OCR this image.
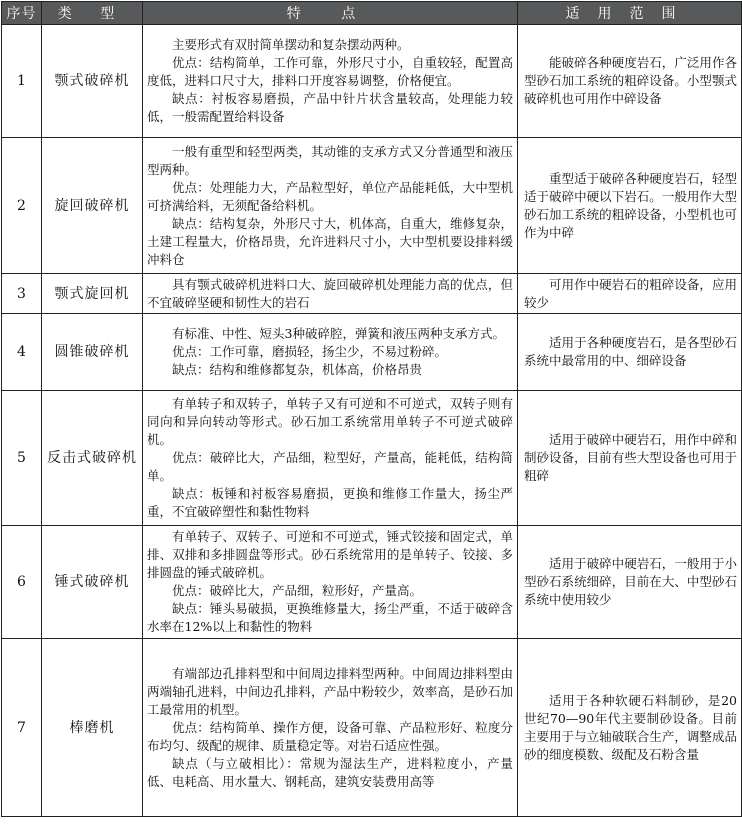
序号	类 型	特 点	适用范围
1	颚式破碎机	主要形式有双肘简单摆动和复杂摆动两种。

优点：结构简单，工作可靠，外形尺寸小，自重较轻，配置高度低，进料口尺寸大，排料口开度容易调整，价格便宜。

缺点：衬板容易磨损，产品中针片状含量较高，处理能力较低，一般需配置给料设备	能破碎各种硬度岩石，广泛用作各型砂石加工系统的粗碎设备。小型颚式破碎机也可用作中碎设备

2	旋回破碎机	一般有重型和轻型两类，其动锥的支承方式又分普通型和液压型两种。

优点：处理能力大，产品粒型好，单位产品能耗低，大中型机可挤满给料，无须配备给料机。

缺点：结构复杂，外形尺寸大，机体高，自重大，维修复杂，土建工程量大，价格昂贵，允许进料尺寸小，大中型机要设排料缓冲料仓	重型适于破碎各种硬度岩石，轻型适于破碎中硬以下岩石。一般用作大型砂石加工系统的粗碎设备，小型机也可作为中碎

3	颚式旋回机	具有颚式破碎机进料口大、旋回破碎机处理能力高的优点，但不宜破碎坚硬和韧性大的岩石	可用作中硬岩石的粗碎设备，应用较少

4	圆锥破碎机	有标准、中性、短头3种破碎腔，弹簧和液压两种支承方式。

优点：工作可靠，磨损轻，扬尘少，不易过粉碎。

缺点：结构和维修都复杂，机体高，价格昂贵	适用于各种硬度岩石，是各型砂石系统中最常用的中、细碎设备

5	反击式破碎机	有单转子和双转子，单转子又有可逆和不可逆式，双转子则有同向和异向转动等形式。砂石加工系统常用单转子不可逆式破碎机。

优点：破碎比大，产品细，粒型好，产量高，能耗低，结构简单。

缺点：板锤和衬板容易磨损，更换和维修工作量大，扬尘严重，不宜破碎塑性和黏性物料	适用于破碎中硬岩石，用作中碎和制砂设备，目前有些大型设备也可用于粗碎

6	锤式破碎机	有单转子、双转子、可逆和不可逆式，锤式铰接和固定式，单排、双排和多排圆盘等形式。砂石系统常用的是单转子、铰接、多排圆盘的锤式破碎机。

优点：破碎比大，产品细，粒形好，产量高。

缺点：锤头易破损，更换维修量大，扬尘严重，不适于破碎含水率在12%以上和黏性的物料	适用于破碎中硬岩石，一般用于小型砂石系统细碎，目前在大、中型砂石系统中使用较少

7	棒磨机	有端部边孔排料型和中间周边排料型两种。中间周边排料型由两端轴孔进料，中间边孔排料，产品中粉较少，效率高，是砂石加工最常用的机型。

优点：结构简单、操作方便，设备可靠、产品粒形好、粒度分布均匀、级配的规律、质量稳定等。对岩石适应性强。

缺点（与立破相比）：常规为湿法生产，进料粒度小，产量低、电耗高、用水量大、钢耗高，建筑安装费用高等	适用于各种软硬石料制砂，是20世纪70—90年代主要制砂设备。目前主要用于与立轴破联合生产，调整成品砂的细度模数、级配及石粉含量
